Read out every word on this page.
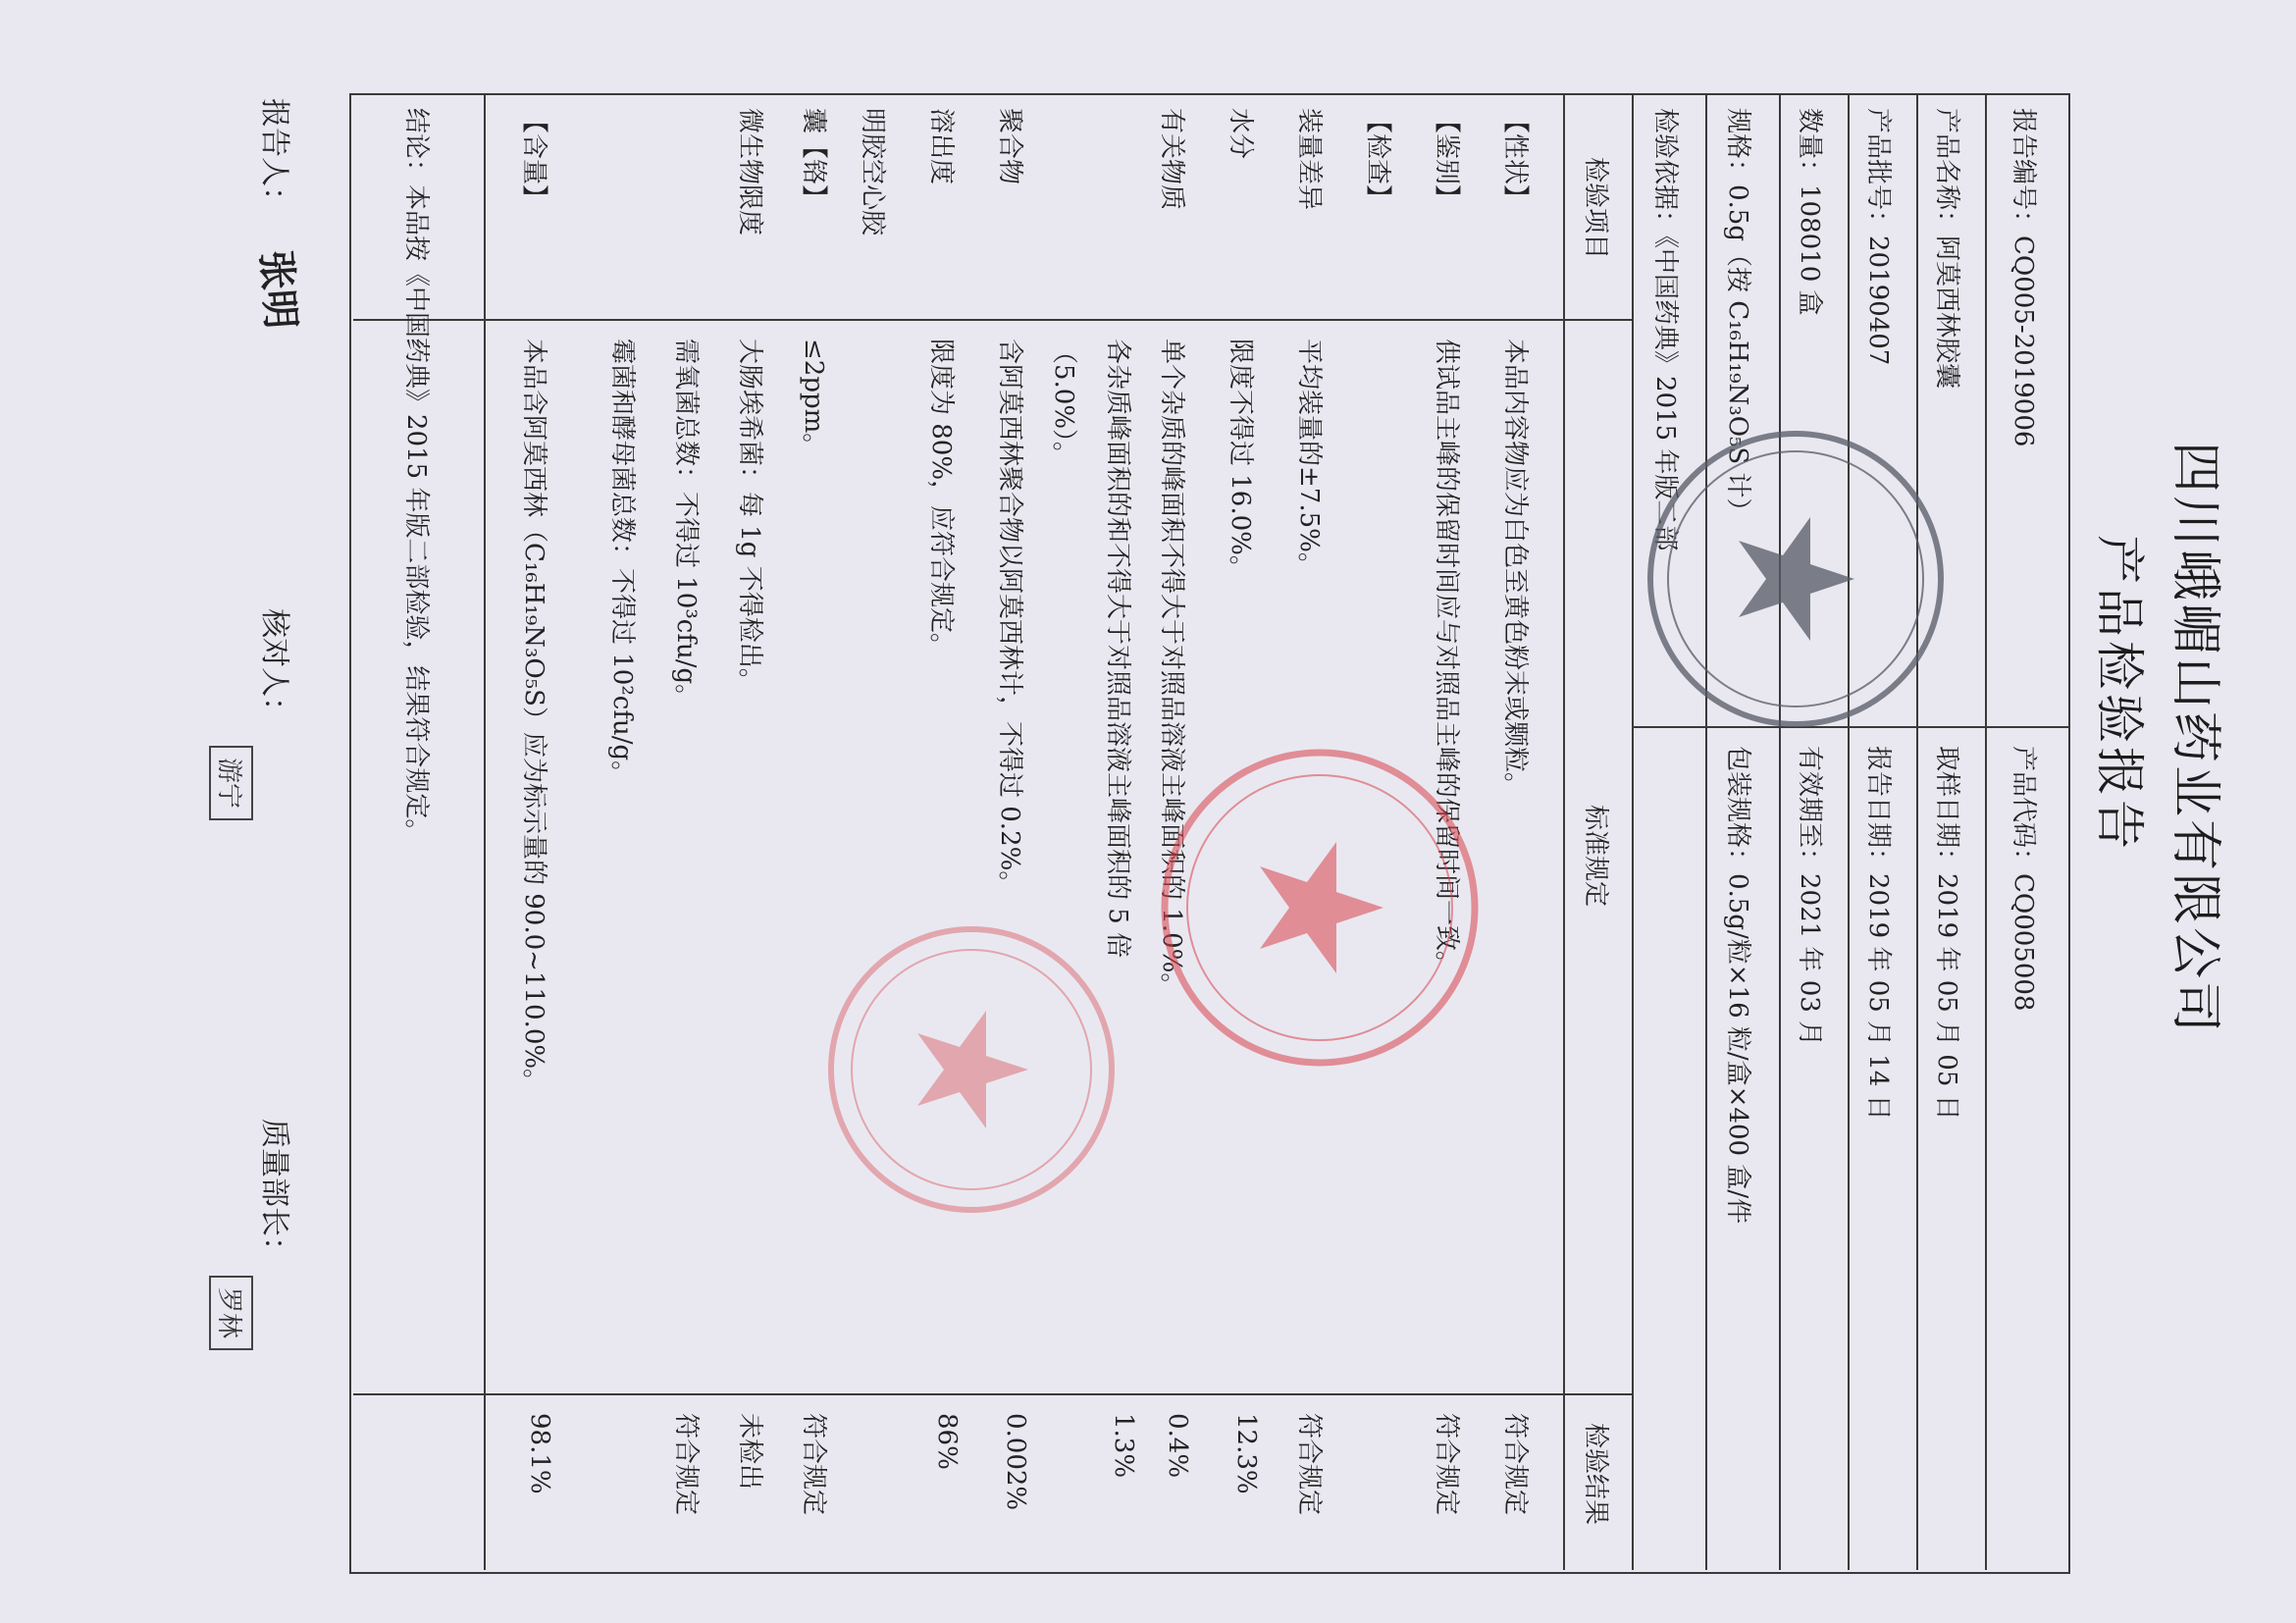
四川峨嵋山药业有限公司
产品检验报告
报告编号：CQ005-2019006
产品代码：CQ005008
产品名称：阿莫西林胶囊
取样日期：2019 年 05 月 05 日
产品批号：20190407
报告日期：2019 年 05 月 14 日
数量：108010 盒
有效期至：2021 年 03 月
规格：0.5g（按 C₁₆H₁₉N₃O₅S 计）
包装规格：0.5g/粒×16 粒/盒×400 盒/件
检验依据：《中国药典》2015 年版二部
检验项目
标准规定
检验结果
【性状】
本品内容物应为白色至黄色粉末或颗粒。
符合规定
【鉴别】
供试品主峰的保留时间应与对照品主峰的保留时间一致。
符合规定
【检查】
装量差异
平均装量的±7.5%。
符合规定
水分
限度不得过 16.0%。
12.3%
有关物质
单个杂质的峰面积不得大于对照品溶液主峰面积的 1.0%。
0.4%
各杂质峰面积的和不得大于对照品溶液主峰面积的 5 倍
1.3%
（5.0%）。
聚合物
含阿莫西林聚合物以阿莫西林计，不得过 0.2%。
0.002%
溶出度
限度为 80%，应符合规定。
86%
明胶空心胶
囊【铬】
≤2ppm。
符合规定
微生物限度
大肠埃希菌：每 1g 不得检出。
未检出
需氧菌总数：不得过 10³cfu/g。
符合规定
霉菌和酵母菌总数：不得过 10²cfu/g。
【含量】
本品含阿莫西林（C₁₆H₁₉N₃O₅S）应为标示量的 90.0~110.0%。
98.1%
结论：本品按《中国药典》2015 年版二部检验，结果符合规定。
报告人：
张明
核对人：
游宁
质量部长：
罗林
